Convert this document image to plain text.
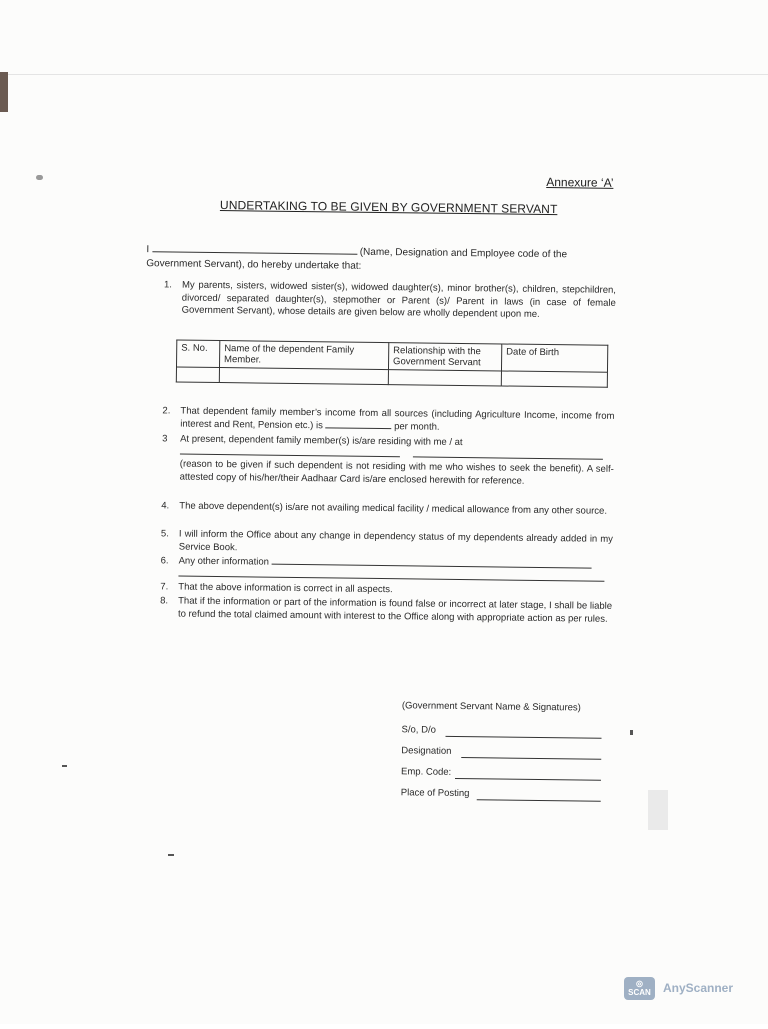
Annexure ‘A’
UNDERTAKING TO BE GIVEN BY GOVERNMENT SERVANT
I	(Name, Designation and Employee code of the
Government Servant), do hereby undertake that:
1.	My parents, sisters, widowed sister(s), widowed daughter(s), minor brother(s), children, stepchildren, divorced/ separated daughter(s), stepmother or Parent (s)/ Parent in laws (in case of female Government Servant), whose details are given below are wholly dependent upon me.
S. No.	Name of the dependent Family Member.	Relationship with the Government Servant	Date of Birth

2.	That dependent family member’s income from all sources (including Agriculture Income, income from interest and Rent, Pension etc.) is	per month.
3	At present, dependent family member(s) is/are residing with me / at

(reason to be given if such dependent is not residing with me who wishes to seek the benefit). A self-attested copy of his/her/their Aadhaar Card is/are enclosed herewith for reference.
4.	The above dependent(s) is/are not availing medical facility / medical allowance from any other source.
5.	I will inform the Office about any change in dependency status of my dependents already added in my Service Book.
6.	Any other information

7.	That the above information is correct in all aspects.
8.	That if the information or part of the information is found false or incorrect at later stage, I shall be liable to refund the total claimed amount with interest to the Office along with appropriate action as per rules.
(Government Servant Name & Signatures)
S/o, D/o
Designation
Emp. Code:
Place of Posting
◎
SCAN AnyScanner
